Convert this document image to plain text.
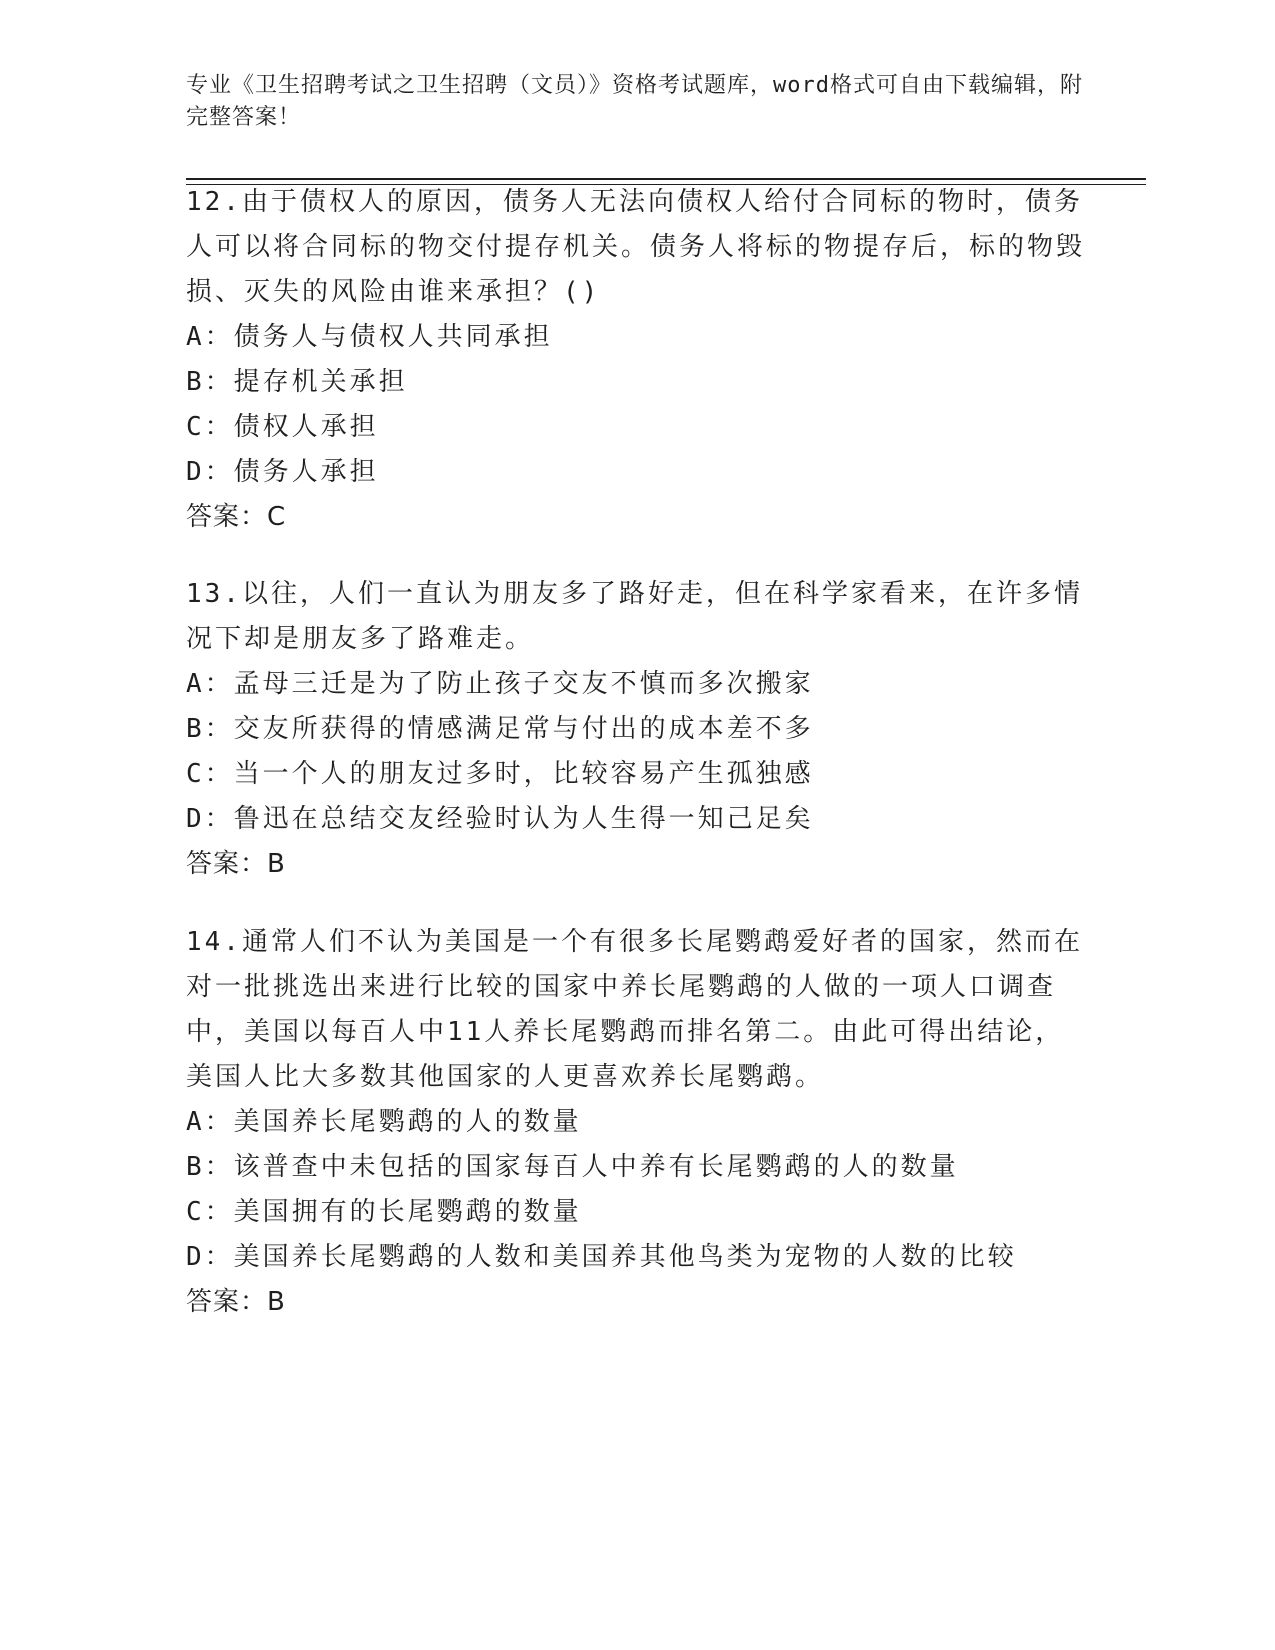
专业《卫生招聘考试之卫生招聘（文员）》资格考试题库，word格式可自由下载编辑，附完整答案！
12.由于债权人的原因，债务人无法向债权人给付合同标的物时，债务人可以将合同标的物交付提存机关。债务人将标的物提存后，标的物毁损、灭失的风险由谁来承担？()
A：债务人与债权人共同承担
B：提存机关承担
C：债权人承担
D：债务人承担
答案：C
13.以往，人们一直认为朋友多了路好走，但在科学家看来，在许多情况下却是朋友多了路难走。
A：孟母三迁是为了防止孩子交友不慎而多次搬家
B：交友所获得的情感满足常与付出的成本差不多
C：当一个人的朋友过多时，比较容易产生孤独感
D：鲁迅在总结交友经验时认为人生得一知己足矣
答案：B
14.通常人们不认为美国是一个有很多长尾鹦鹉爱好者的国家，然而在对一批挑选出来进行比较的国家中养长尾鹦鹉的人做的一项人口调查中，美国以每百人中11人养长尾鹦鹉而排名第二。由此可得出结论，美国人比大多数其他国家的人更喜欢养长尾鹦鹉。
A：美国养长尾鹦鹉的人的数量
B：该普查中未包括的国家每百人中养有长尾鹦鹉的人的数量
C：美国拥有的长尾鹦鹉的数量
D：美国养长尾鹦鹉的人数和美国养其他鸟类为宠物的人数的比较
答案：B
